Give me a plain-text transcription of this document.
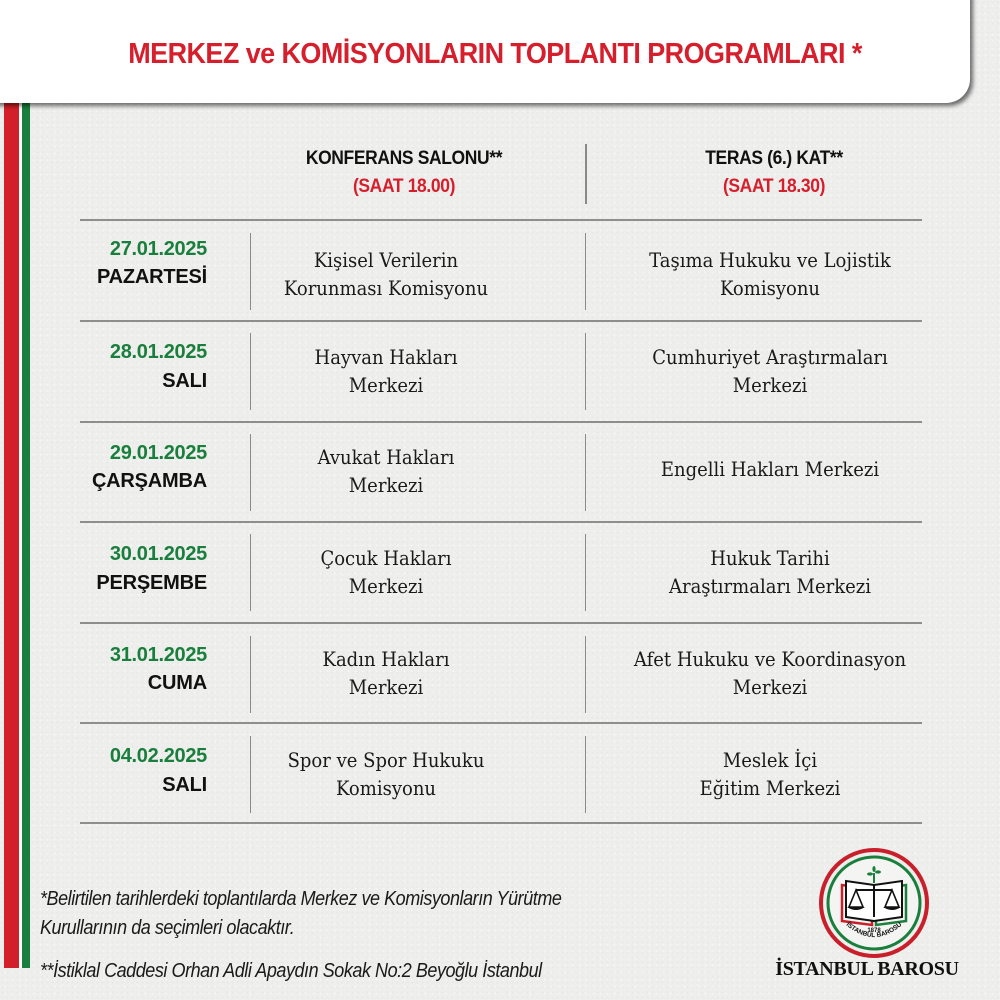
MERKEZ ve KOMİSYONLARIN TOPLANTI PROGRAMLARI *
KONFERANS SALONU**
(SAAT 18.00)
TERAS (6.) KAT**
(SAAT 18.30)
27.01.2025
PAZARTESİ
Kişisel Verilerin
Korunması Komisyonu
Taşıma Hukuku ve Lojistik
Komisyonu
28.01.2025
SALI
Hayvan Hakları
Merkezi
Cumhuriyet Araştırmaları
Merkezi
29.01.2025
ÇARŞAMBA
Avukat Hakları
Merkezi
Engelli Hakları Merkezi
30.01.2025
PERŞEMBE
Çocuk Hakları
Merkezi
Hukuk Tarihi
Araştırmaları Merkezi
31.01.2025
CUMA
Kadın Hakları
Merkezi
Afet Hukuku ve Koordinasyon
Merkezi
04.02.2025
SALI
Spor ve Spor Hukuku
Komisyonu
Meslek İçi
Eğitim Merkezi
*Belirtilen tarihlerdeki toplantılarda Merkez ve Komisyonların Yürütme
Kurullarının da seçimleri olacaktır.
**İstiklal Caddesi Orhan Adli Apaydın Sokak No:2 Beyoğlu İstanbul
1878
İSTANBUL BAROSU
İSTANBUL BAROSU
